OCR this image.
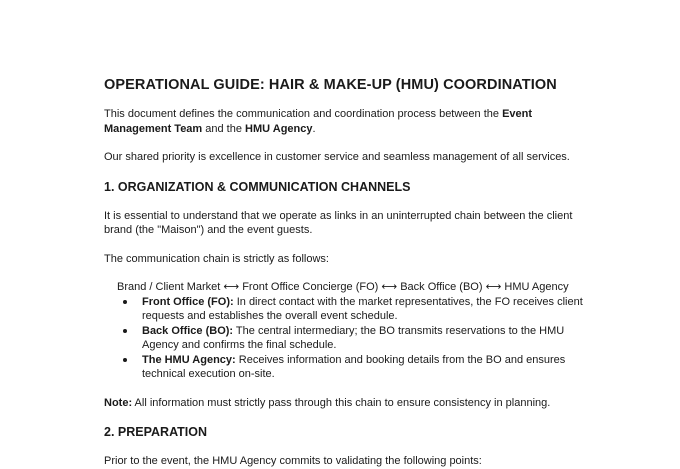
OPERATIONAL GUIDE: HAIR & MAKE-UP (HMU) COORDINATION

This document defines the communication and coordination process between the Event Management Team and the HMU Agency.

Our shared priority is excellence in customer service and seamless management of all services.

1. ORGANIZATION & COMMUNICATION CHANNELS

It is essential to understand that we operate as links in an uninterrupted chain between the client brand (the "Maison") and the event guests.

The communication chain is strictly as follows:

Brand / Client Market ⟷ Front Office Concierge (FO) ⟷ Back Office (BO) ⟷ HMU Agency

Front Office (FO): In direct contact with the market representatives, the FO receives client requests and establishes the overall event schedule.
Back Office (BO): The central intermediary; the BO transmits reservations to the HMU Agency and confirms the final schedule.
The HMU Agency: Receives information and booking details from the BO and ensures technical execution on-site.

Note: All information must strictly pass through this chain to ensure consistency in planning.

2. PREPARATION

Prior to the event, the HMU Agency commits to validating the following points:
